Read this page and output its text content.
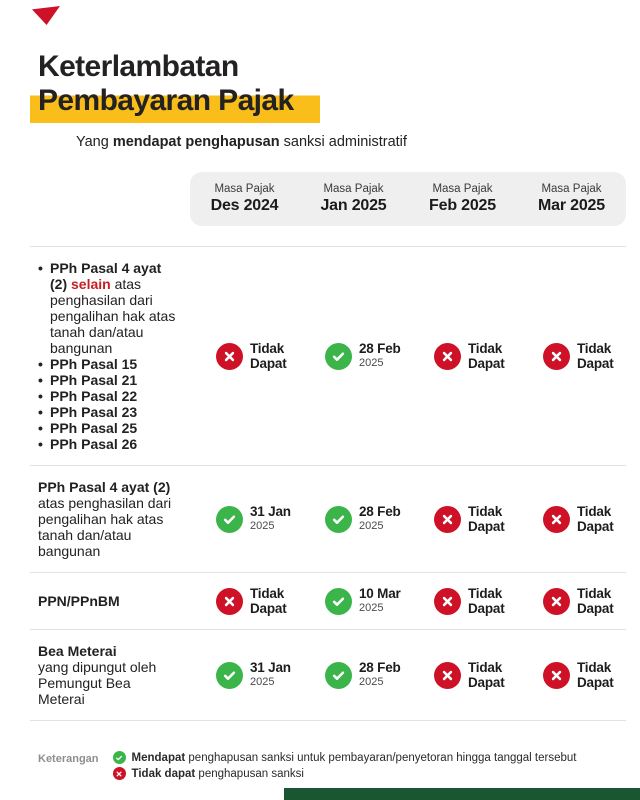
Keterlambatan
Pembayaran Pajak

Yang mendapat penghapusan sanksi administratif

Masa Pajak
Des 2024
Masa Pajak
Jan 2025
Masa Pajak
Feb 2025
Masa Pajak
Mar 2025
• PPh Pasal 4 ayat (2) selain atas penghasilan dari pengalihan hak atas tanah dan/atau bangunan
• PPh Pasal 15
• PPh Pasal 21
• PPh Pasal 22
• PPh Pasal 23
• PPh Pasal 25
• PPh Pasal 26
Tidak
Dapat
28 Feb
2025
Tidak
Dapat
Tidak
Dapat
PPh Pasal 4 ayat (2)
atas penghasilan dari pengalihan hak atas tanah dan/atau bangunan
31 Jan
2025
28 Feb
2025
Tidak
Dapat
Tidak
Dapat
PPN/PPnBM	Tidak
Dapat
10 Mar
2025
Tidak
Dapat
Tidak
Dapat
Bea Meterai
yang dipungut oleh Pemungut Bea Meterai
31 Jan
2025
28 Feb
2025
Tidak
Dapat
Tidak
Dapat
Keterangan	Mendapat penghapusan sanksi untuk pembayaran/penyetoran hingga tanggal tersebut
Tidak dapat penghapusan sanksi
